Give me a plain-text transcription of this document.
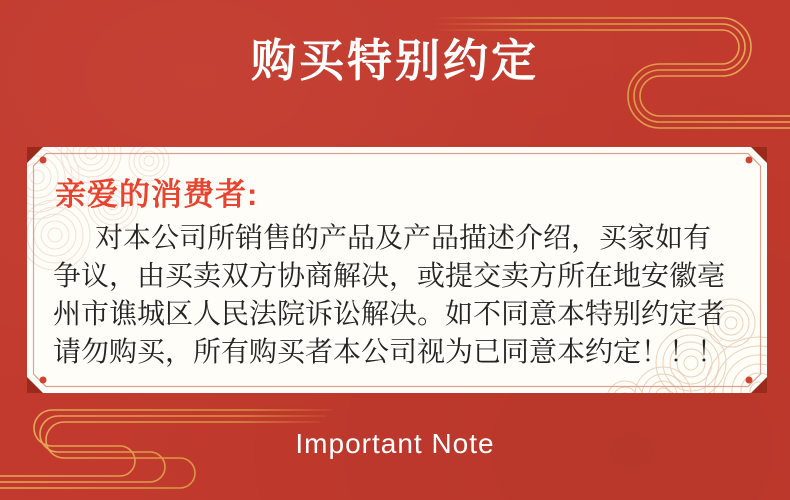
购买特别约定
亲爱的消费者:
对本公司所销售的产品及产品描述介绍，买家如有
争议，由买卖双方协商解决，或提交卖方所在地安徽亳
州市谯城区人民法院诉讼解决。如不同意本特别约定者
请勿购买，所有购买者本公司视为已同意本约定！！！
Important Note
